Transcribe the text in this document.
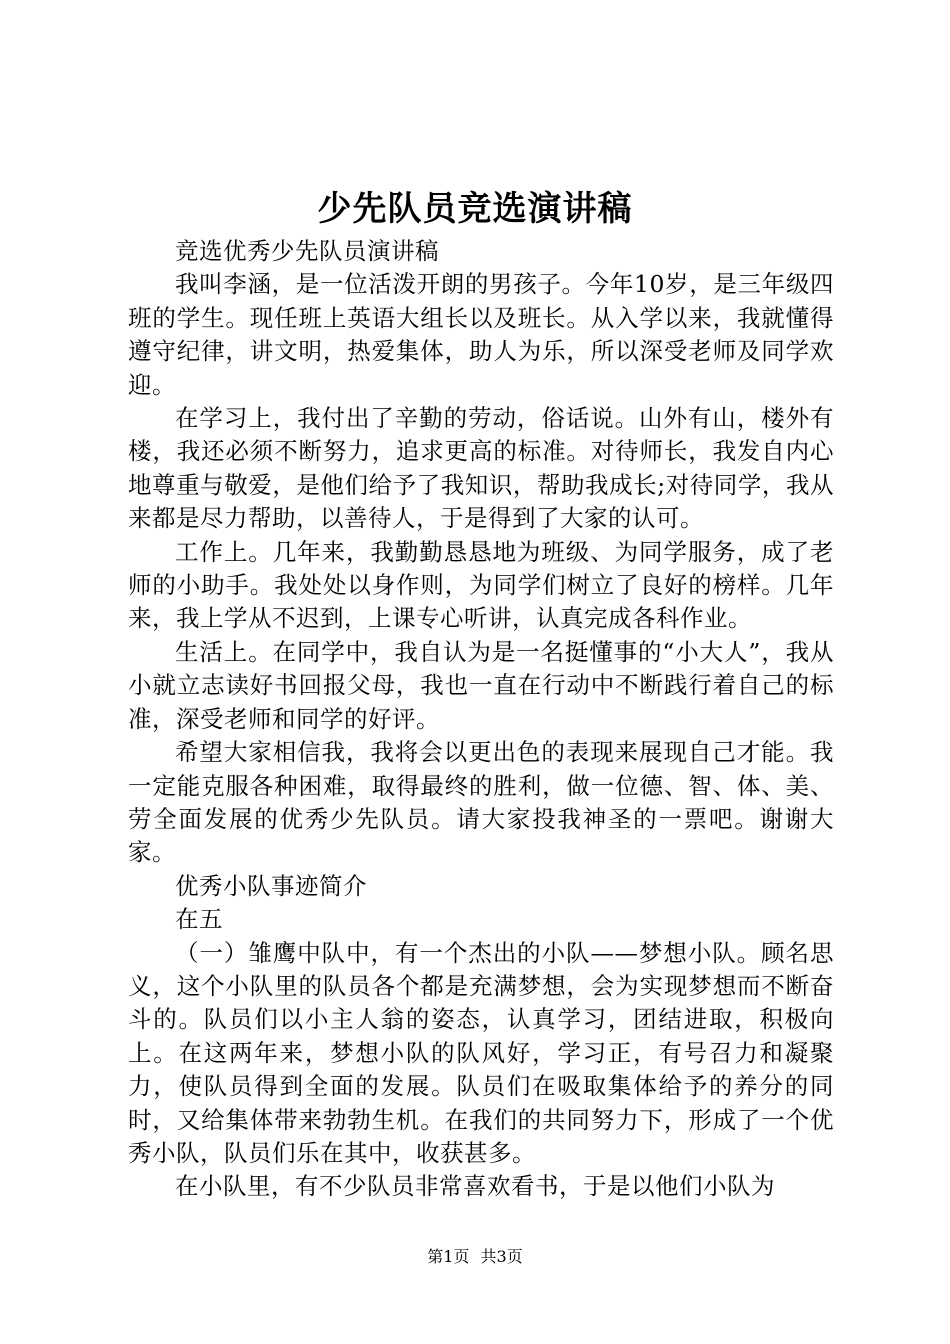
少先队员竞选演讲稿

竞选优秀少先队员演讲稿

我叫李涵，是一位活泼开朗的男孩子。今年10岁，是三年级四班的学生。现任班上英语大组长以及班长。从入学以来，我就懂得遵守纪律，讲文明，热爱集体，助人为乐，所以深受老师及同学欢迎。

在学习上，我付出了辛勤的劳动，俗话说。山外有山，楼外有楼，我还必须不断努力，追求更高的标准。对待师长，我发自内心地尊重与敬爱，是他们给予了我知识，帮助我成长;对待同学，我从来都是尽力帮助，以善待人，于是得到了大家的认可。

工作上。几年来，我勤勤恳恳地为班级、为同学服务，成了老师的小助手。我处处以身作则，为同学们树立了良好的榜样。几年来，我上学从不迟到，上课专心听讲，认真完成各科作业。

生活上。在同学中，我自认为是一名挺懂事的“小大人”，我从小就立志读好书回报父母，我也一直在行动中不断践行着自己的标准，深受老师和同学的好评。

希望大家相信我，我将会以更出色的表现来展现自己才能。我一定能克服各种困难，取得最终的胜利，做一位德、智、体、美、劳全面发展的优秀少先队员。请大家投我神圣的一票吧。谢谢大家。

优秀小队事迹简介

在五

（一）雏鹰中队中，有一个杰出的小队——梦想小队。顾名思义，这个小队里的队员各个都是充满梦想，会为实现梦想而不断奋斗的。队员们以小主人翁的姿态，认真学习，团结进取，积极向上。在这两年来，梦想小队的队风好，学习正，有号召力和凝聚力，使队员得到全面的发展。队员们在吸取集体给予的养分的同时，又给集体带来勃勃生机。在我们的共同努力下，形成了一个优秀小队，队员们乐在其中，收获甚多。

在小队里，有不少队员非常喜欢看书，于是以他们小队为

第1页 共3页
